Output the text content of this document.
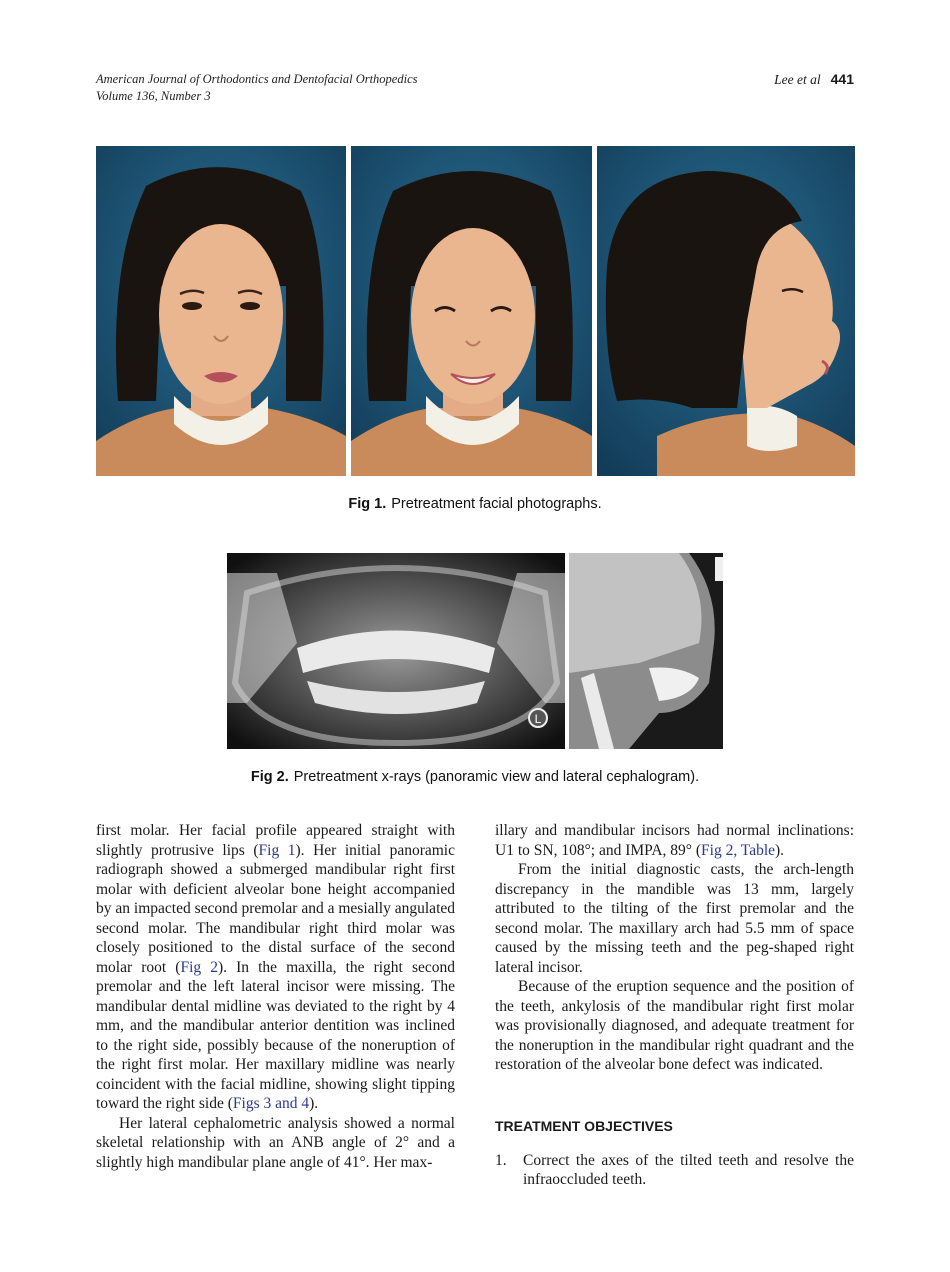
American Journal of Orthodontics and Dentofacial Orthopedics
Volume 136, Number 3
Lee et al 441
Fig 1. Pretreatment facial photographs.
L
Fig 2. Pretreatment x-rays (panoramic view and lateral cephalogram).

first molar. Her facial profile appeared straight with slightly protrusive lips (Fig 1). Her initial panoramic radiograph showed a submerged mandibular right first molar with deficient alveolar bone height accompanied by an impacted second premolar and a mesially angulated second molar. The mandibular right third molar was closely positioned to the distal surface of the second molar root (Fig 2). In the maxilla, the right second premolar and the left lateral incisor were missing. The mandibular dental midline was deviated to the right by 4 mm, and the mandibular anterior dentition was inclined to the right side, possibly because of the noneruption of the right first molar. Her maxillary midline was nearly coincident with the facial midline, showing slight tipping toward the right side (Figs 3 and 4).

Her lateral cephalometric analysis showed a normal skeletal relationship with an ANB angle of 2° and a slightly high mandibular plane angle of 41°. Her max-

illary and mandibular incisors had normal inclinations: U1 to SN, 108°; and IMPA, 89° (Fig 2, Table).

From the initial diagnostic casts, the arch-length discrepancy in the mandible was 13 mm, largely attributed to the tilting of the first premolar and the second molar. The maxillary arch had 5.5 mm of space caused by the missing teeth and the peg-shaped right lateral incisor.

Because of the eruption sequence and the position of the teeth, ankylosis of the mandibular right first molar was provisionally diagnosed, and adequate treatment for the noneruption in the mandibular right quadrant and the restoration of the alveolar bone defect was indicated.

TREATMENT OBJECTIVES
1. Correct the axes of the tilted teeth and resolve the infraoccluded teeth.
